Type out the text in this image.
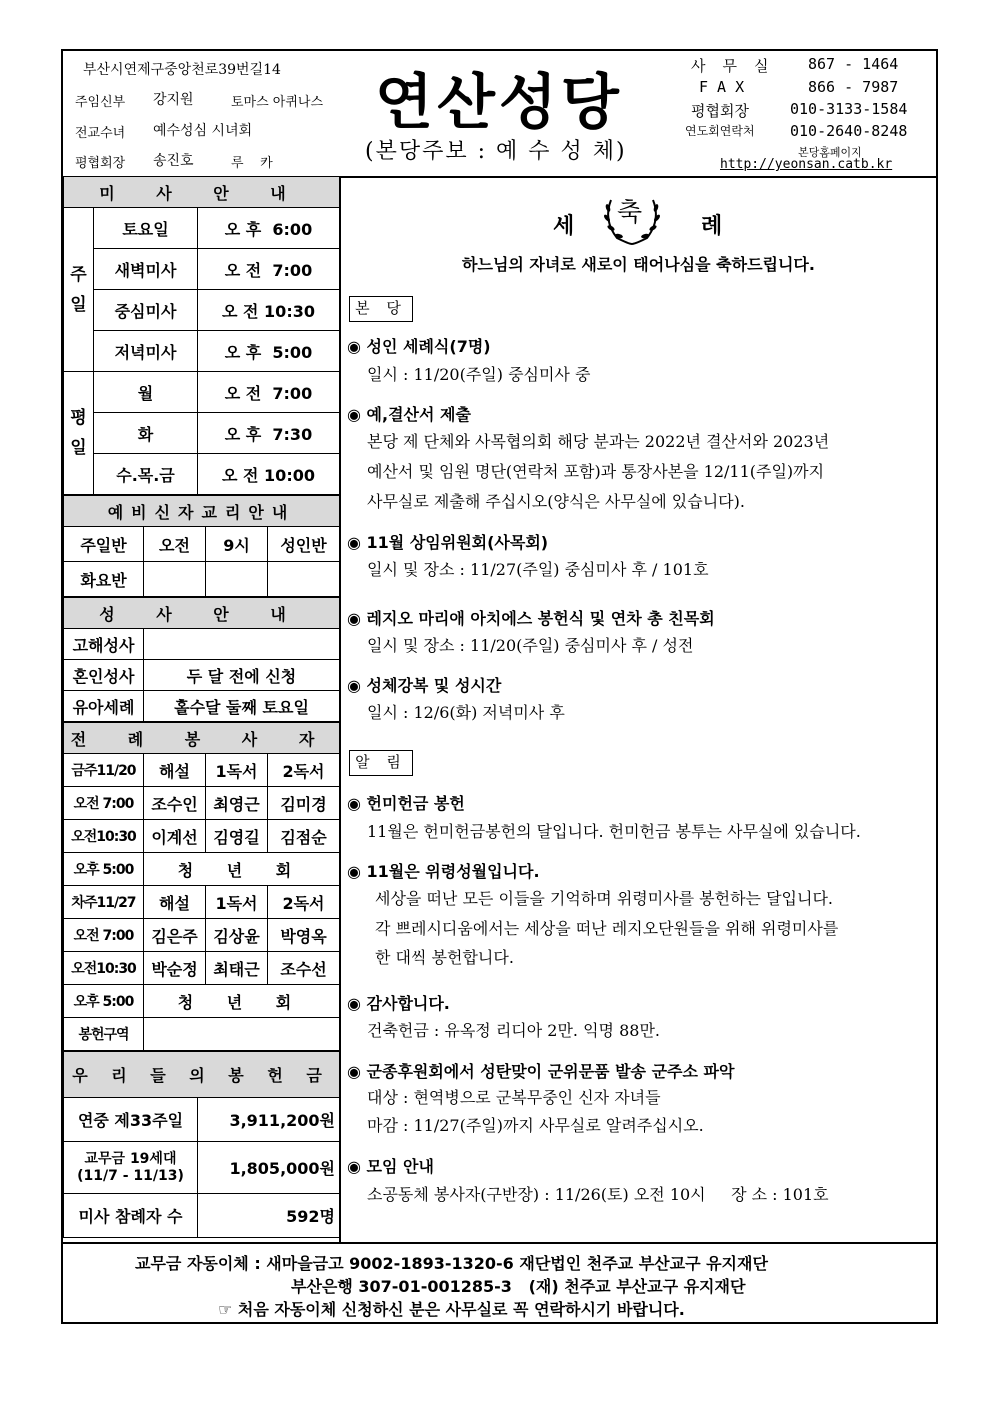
부산시연제구중앙천로39번길14
주임신부 강지원	토마스 아퀴나스
전교수녀 예수성심 시녀회
평협회장 송진호	루    카
연산성당
(본당주보 : 예 수 성 체)
사 무 실 867 - 1464
F A X	866 - 7987
평협회장	010-3133-1584
연도회연락처 010-2640-8248
본당홈페이지
http://yeonsan.catb.kr
미 사 안 내		
주 일	토요일	오 후  6:00
	새벽미사	오 전  7:00
	중심미사	오 전 10:30
	저녁미사	오 후  5:00
평 일	월	오 전  7:00
	화	오 후  7:30
	수.목.금	오 전 10:00
예비신자교리안내			
주일반	오전	9시	성인반
화요반			
성 사 안 내	
고해성사	
혼인성사	두 달 전에 신청
유아세례	홀수달 둘째 토요일
전 례 봉 사 자			
금주11/20	해설	1독서	2독서
오전 7:00	조수인	최영근	김미경
오전10:30	이계선	김영길	김점순
오후 5:00	청 년 회		
차주11/27	해설	1독서	2독서
오전 7:00	김은주	김상윤	박영옥
오전10:30	박순정	최태근	조수선
오후 5:00	청 년 회		
봉헌구역			
우 리 들 의 봉 헌 금	
연중 제33주일	3,911,200원
교무금 19세대
(11/7 - 11/13)	1,805,000원
미사 참례자 수	592명
세 축	례
하느님의 자녀로 새로이 태어나심을 축하드립니다.
본 당
◉ 성인 세례식(7명)
일시 : 11/20(주일) 중심미사 중
◉ 예,결산서 제출
본당 제 단체와 사목협의회 해당 분과는 2022년 결산서와 2023년
예산서 및 임원 명단(연락처 포함)과 통장사본을 12/11(주일)까지
사무실로 제출해 주십시오(양식은 사무실에 있습니다).
◉ 11월 상임위원회(사목회)
일시 및 장소 : 11/27(주일) 중심미사 후 / 101호
◉ 레지오 마리애 아치에스 봉헌식 및 연차 총 친목회
일시 및 장소 : 11/20(주일) 중심미사 후 / 성전
◉ 성체강복 및 성시간
일시 : 12/6(화) 저녁미사 후
알 림
◉ 헌미헌금 봉헌
11월은 헌미헌금봉헌의 달입니다. 헌미헌금 봉투는 사무실에 있습니다.
◉ 11월은 위령성월입니다.
세상을 떠난 모든 이들을 기억하며 위령미사를 봉헌하는 달입니다.
각 쁘레시디움에서는 세상을 떠난 레지오단원들을 위해 위령미사를
한 대씩 봉헌합니다.
◉ 감사합니다.
건축헌금 : 유옥정 리디아 2만. 익명 88만.
◉ 군종후원회에서 성탄맞이 군위문품 발송 군주소 파악
대상 : 현역병으로 군복무중인 신자 자녀들
마감 : 11/27(주일)까지 사무실로 알려주십시오.
◉ 모임 안내
소공동체 봉사자(구반장) : 11/26(토) 오전 10시     장 소 : 101호
교무금 자동이체 : 새마을금고 9002-1893-1320-6 재단법인 천주교 부산교구 유지재단
부산은행 307-01-001285-3   (재) 천주교 부산교구 유지재단
☞ 처음 자동이체 신청하신 분은 사무실로 꼭 연락하시기 바랍니다.
